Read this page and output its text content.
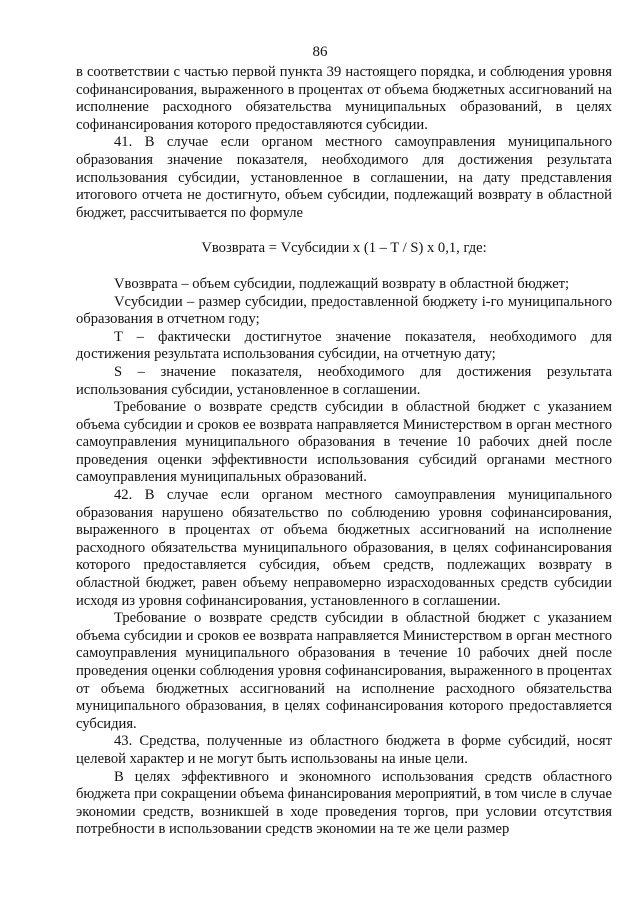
86

в соответствии с частью первой пункта 39 настоящего порядка, и соблюдения уровня софинансирования, выраженного в процентах от объема бюджетных ассигнований на исполнение расходного обязательства муниципальных образований, в целях софинансирования которого предоставляются субсидии.

41. В случае если органом местного самоуправления муниципального образования значение показателя, необходимого для достижения результата использования субсидии, установленное в соглашении, на дату представления итогового отчета не достигнуто, объем субсидии, подлежащий возврату в областной бюджет, рассчитывается по формуле

Vвозврата = Vсубсидии x (1 – T / S) x 0,1, где:

Vвозврата – объем субсидии, подлежащий возврату в областной бюджет;

Vсубсидии – размер субсидии, предоставленной бюджету i-го муниципального образования в отчетном году;

T – фактически достигнутое значение показателя, необходимого для достижения результата использования субсидии, на отчетную дату;

S – значение показателя, необходимого для достижения результата использования субсидии, установленное в соглашении.

Требование о возврате средств субсидии в областной бюджет с указанием объема субсидии и сроков ее возврата направляется Министерством в орган местного самоуправления муниципального образования в течение 10 рабочих дней после проведения оценки эффективности использования субсидий органами местного самоуправления муниципальных образований.

42. В случае если органом местного самоуправления муниципального образования нарушено обязательство по соблюдению уровня софинансирования, выраженного в процентах от объема бюджетных ассигнований на исполнение расходного обязательства муниципального образования, в целях софинансирования которого предоставляется субсидия, объем средств, подлежащих возврату в областной бюджет, равен объему неправомерно израсходованных средств субсидии исходя из уровня софинансирования, установленного в соглашении.

Требование о возврате средств субсидии в областной бюджет с указанием объема субсидии и сроков ее возврата направляется Министерством в орган местного самоуправления муниципального образования в течение 10 рабочих дней после проведения оценки соблюдения уровня софинансирования, выраженного в процентах от объема бюджетных ассигнований на исполнение расходного обязательства муниципального образования, в целях софинансирования которого предоставляется субсидия.

43. Средства, полученные из областного бюджета в форме субсидий, носят целевой характер и не могут быть использованы на иные цели.

В целях эффективного и экономного использования средств областного бюджета при сокращении объема финансирования мероприятий, в том числе в случае экономии средств, возникшей в ходе проведения торгов, при условии отсутствия потребности в использовании средств экономии на те же цели размер
